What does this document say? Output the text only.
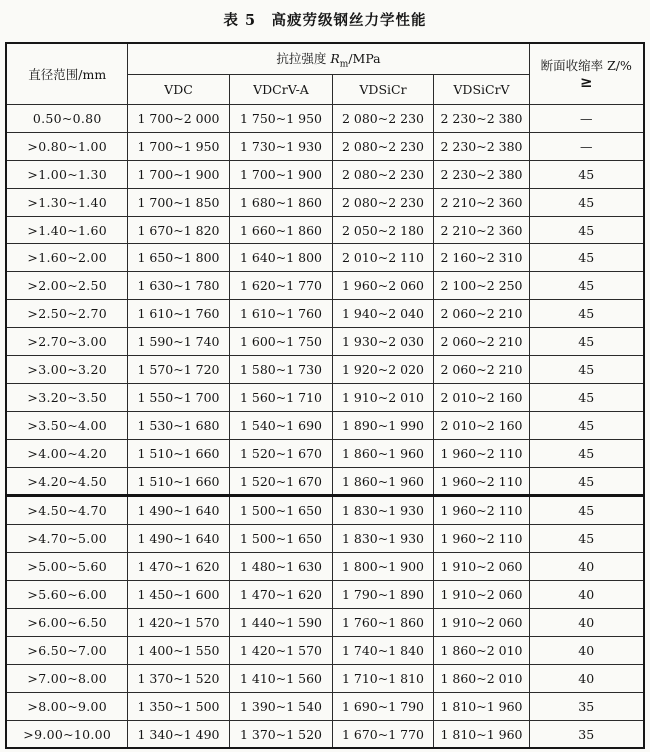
表 5　高疲劳级钢丝力学性能
直径范围/mm	抗拉强度 $R_m$/MPa				断面收缩率 Z/%
≥

	VDC	VDCrV-A	VDSiCr	VDSiCrV	
0.50~0.80	1 700~2 000	1 750~1 950	2 080~2 230	2 230~2 380	—
>0.80~1.00	1 700~1 950	1 730~1 930	2 080~2 230	2 230~2 380	—
>1.00~1.30	1 700~1 900	1 700~1 900	2 080~2 230	2 230~2 380	45
>1.30~1.40	1 700~1 850	1 680~1 860	2 080~2 230	2 210~2 360	45
>1.40~1.60	1 670~1 820	1 660~1 860	2 050~2 180	2 210~2 360	45
>1.60~2.00	1 650~1 800	1 640~1 800	2 010~2 110	2 160~2 310	45
>2.00~2.50	1 630~1 780	1 620~1 770	1 960~2 060	2 100~2 250	45
>2.50~2.70	1 610~1 760	1 610~1 760	1 940~2 040	2 060~2 210	45
>2.70~3.00	1 590~1 740	1 600~1 750	1 930~2 030	2 060~2 210	45
>3.00~3.20	1 570~1 720	1 580~1 730	1 920~2 020	2 060~2 210	45
>3.20~3.50	1 550~1 700	1 560~1 710	1 910~2 010	2 010~2 160	45
>3.50~4.00	1 530~1 680	1 540~1 690	1 890~1 990	2 010~2 160	45
>4.00~4.20	1 510~1 660	1 520~1 670	1 860~1 960	1 960~2 110	45
>4.20~4.50	1 510~1 660	1 520~1 670	1 860~1 960	1 960~2 110	45
>4.50~4.70	1 490~1 640	1 500~1 650	1 830~1 930	1 960~2 110	45
>4.70~5.00	1 490~1 640	1 500~1 650	1 830~1 930	1 960~2 110	45
>5.00~5.60	1 470~1 620	1 480~1 630	1 800~1 900	1 910~2 060	40
>5.60~6.00	1 450~1 600	1 470~1 620	1 790~1 890	1 910~2 060	40
>6.00~6.50	1 420~1 570	1 440~1 590	1 760~1 860	1 910~2 060	40
>6.50~7.00	1 400~1 550	1 420~1 570	1 740~1 840	1 860~2 010	40
>7.00~8.00	1 370~1 520	1 410~1 560	1 710~1 810	1 860~2 010	40
>8.00~9.00	1 350~1 500	1 390~1 540	1 690~1 790	1 810~1 960	35
>9.00~10.00	1 340~1 490	1 370~1 520	1 670~1 770	1 810~1 960	35
